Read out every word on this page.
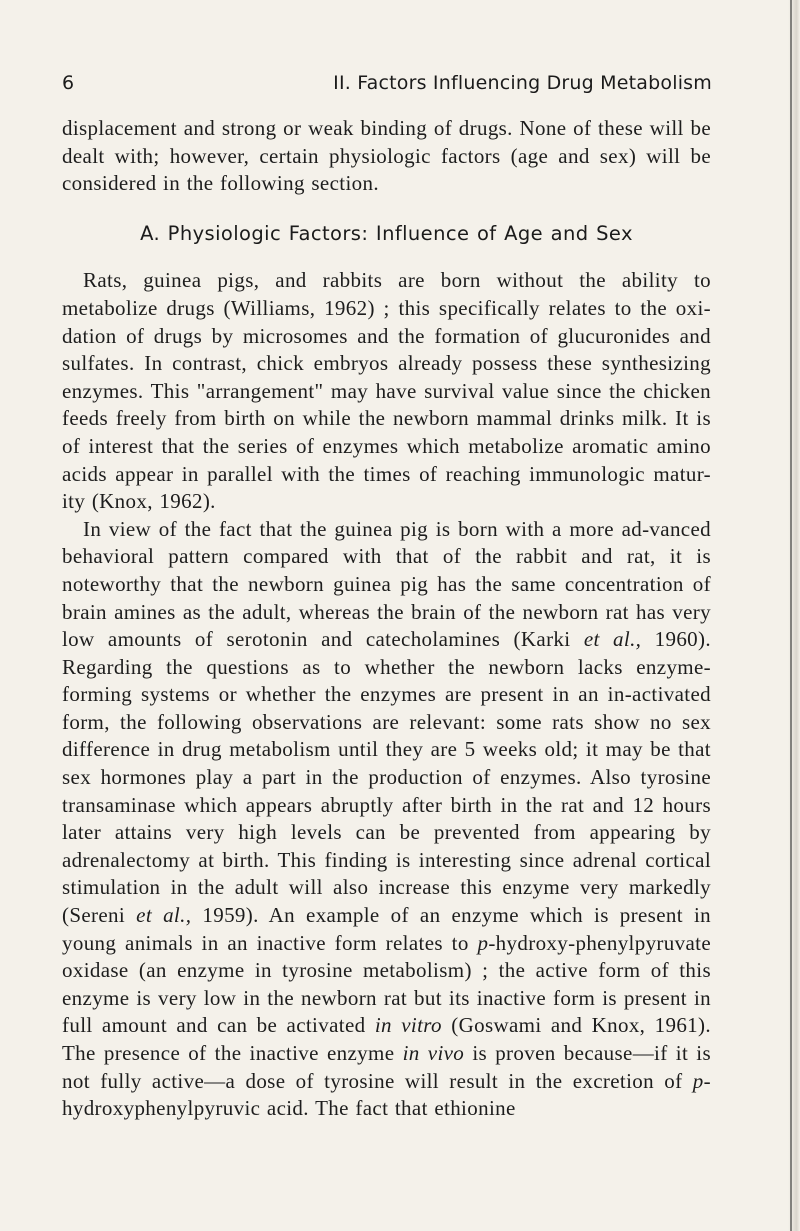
6	II. Factors Influencing Drug Metabolism

displacement and strong or weak binding of drugs. None of these will be dealt with; however, certain physiologic factors (age and sex) will be considered in the following section.

A. Physiologic Factors: Influence of Age and Sex

Rats, guinea pigs, and rabbits are born without the ability to metabolize drugs (Williams, 1962) ; this specifically relates to the oxi-dation of drugs by microsomes and the formation of glucuronides and sulfates. In contrast, chick embryos already possess these synthesizing enzymes. This "arrangement" may have survival value since the chicken feeds freely from birth on while the newborn mammal drinks milk. It is of interest that the series of enzymes which metabolize aromatic amino acids appear in parallel with the times of reaching immunologic matur-ity (Knox, 1962).

In view of the fact that the guinea pig is born with a more ad-vanced behavioral pattern compared with that of the rabbit and rat, it is noteworthy that the newborn guinea pig has the same concentration of brain amines as the adult, whereas the brain of the newborn rat has very low amounts of serotonin and catecholamines (Karki et al., 1960). Regarding the questions as to whether the newborn lacks enzyme-forming systems or whether the enzymes are present in an in-activated form, the following observations are relevant: some rats show no sex difference in drug metabolism until they are 5 weeks old; it may be that sex hormones play a part in the production of enzymes. Also tyrosine transaminase which appears abruptly after birth in the rat and 12 hours later attains very high levels can be prevented from appearing by adrenalectomy at birth. This finding is interesting since adrenal cortical stimulation in the adult will also increase this enzyme very markedly (Sereni et al., 1959). An example of an enzyme which is present in young animals in an inactive form relates to p-hydroxy-phenylpyruvate oxidase (an enzyme in tyrosine metabolism) ; the active form of this enzyme is very low in the newborn rat but its inactive form is present in full amount and can be activated in vitro (Goswami and Knox, 1961). The presence of the inactive enzyme in vivo is proven because—if it is not fully active—a dose of tyrosine will result in the excretion of p-hydroxyphenylpyruvic acid. The fact that ethionine
